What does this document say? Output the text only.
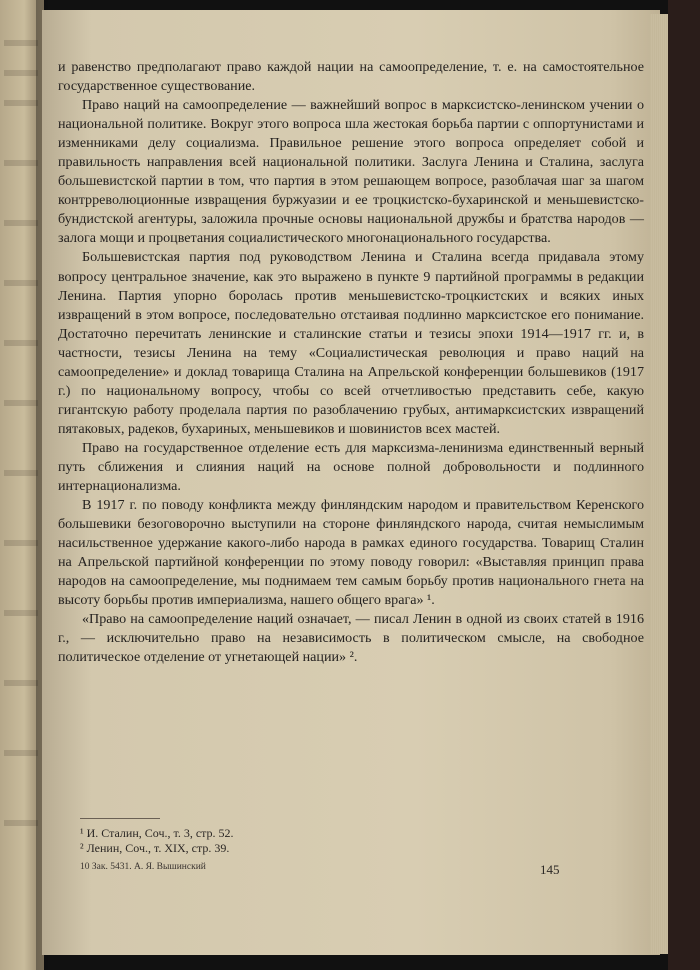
и равенство предполагают право каждой нации на самоопределение, т. е. на самостоятельное государственное существование.

Право наций на самоопределение — важнейший вопрос в марксистско-ленинском учении о национальной политике. Вокруг этого вопроса шла жестокая борьба партии с оппортунистами и изменниками делу социализма. Правильное решение этого вопроса определяет собой и правильность направления всей национальной политики. Заслуга Ленина и Сталина, заслуга большевистской партии в том, что партия в этом решающем вопросе, разоблачая шаг за шагом контрреволюционные извращения буржуазии и ее троцкистско-бухаринской и меньшевистско-бундистской агентуры, заложила прочные основы национальной дружбы и братства народов — залога мощи и процветания социалистического многонационального государства.

Большевистская партия под руководством Ленина и Сталина всегда придавала этому вопросу центральное значение, как это выражено в пункте 9 партийной программы в редакции Ленина. Партия упорно боролась против меньшевистско-троцкистских и всяких иных извращений в этом вопросе, последовательно отстаивая подлинно марксистское его понимание. Достаточно перечитать ленинские и сталинские статьи и тезисы эпохи 1914—1917 гг. и, в частности, тезисы Ленина на тему «Социалистическая революция и право наций на самоопределение» и доклад товарища Сталина на Апрельской конференции большевиков (1917 г.) по национальному вопросу, чтобы со всей отчетливостью представить себе, какую гигантскую работу проделала партия по разоблачению грубых, антимарксистских извращений пятаковых, радеков, бухариных, меньшевиков и шовинистов всех мастей.

Право на государственное отделение есть для марксизма-ленинизма единственный верный путь сближения и слияния наций на основе полной добровольности и подлинного интернационализма.

В 1917 г. по поводу конфликта между финляндским народом и правительством Керенского большевики безоговорочно выступили на стороне финляндского народа, считая немыслимым насильственное удержание какого-либо народа в рамках единого государства. Товарищ Сталин на Апрельской партийной конференции по этому поводу говорил: «Выставляя принцип права народов на самоопределение, мы поднимаем тем самым борьбу против национального гнета на высоту борьбы против империализма, нашего общего врага» ¹.

«Право на самоопределение наций означает, — писал Ленин в одной из своих статей в 1916 г., — исключительно право на независимость в политическом смысле, на свободное политическое отделение от угнетающей нации» ².

¹ И. Сталин, Соч., т. 3, стр. 52.

² Ленин, Соч., т. XIX, стр. 39.

10 Зак. 5431. А. Я. Вышинский	145
